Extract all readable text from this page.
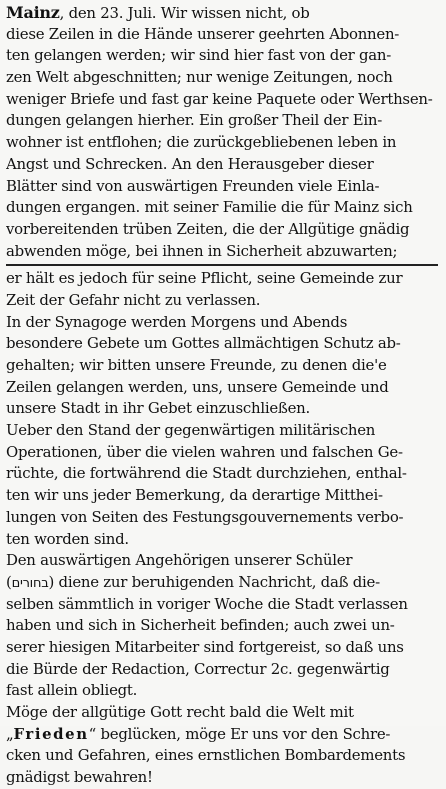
Mainz, den 23. Juli. Wir wissen nicht, ob
diese Zeilen in die Hände unserer geehrten Abonnen-
ten gelangen werden; wir sind hier fast von der gan-
zen Welt abgeschnitten; nur wenige Zeitungen, noch
weniger Briefe und fast gar keine Paquete oder Werthsen-
dungen gelangen hierher. Ein großer Theil der Ein-
wohner ist entflohen; die zurückgebliebenen leben in
Angst und Schrecken. An den Herausgeber dieser
Blätter sind von auswärtigen Freunden viele Einla-
dungen ergangen. mit seiner Familie die für Mainz sich
vorbereitenden trüben Zeiten, die der Allgütige gnädig
abwenden möge, bei ihnen in Sicherheit abzuwarten;
er hält es jedoch für seine Pflicht, seine Gemeinde zur
Zeit der Gefahr nicht zu verlassen.
In der Synagoge werden Morgens und Abends
besondere Gebete um Gottes allmächtigen Schutz ab-
gehalten; wir bitten unsere Freunde, zu denen die'e
Zeilen gelangen werden, uns, unsere Gemeinde und
unsere Stadt in ihr Gebet einzuschließen.
Ueber den Stand der gegenwärtigen militärischen
Operationen, über die vielen wahren und falschen Ge-
rüchte, die fortwährend die Stadt durchziehen, enthal-
ten wir uns jeder Bemerkung, da derartige Mitthei-
lungen von Seiten des Festungsgouvernements verbo-
ten worden sind.
Den auswärtigen Angehörigen unserer Schüler
(בחורים) diene zur beruhigenden Nachricht, daß die-
selben sämmtlich in voriger Woche die Stadt verlassen
haben und sich in Sicherheit befinden; auch zwei un-
serer hiesigen Mitarbeiter sind fortgereist, so daß uns
die Bürde der Redaction, Correctur 2c. gegenwärtig
fast allein obliegt.
Möge der allgütige Gott recht bald die Welt mit
„Frieden“ beglücken, möge Er uns vor den Schre-
cken und Gefahren, eines ernstlichen Bombardements
gnädigst bewahren!
